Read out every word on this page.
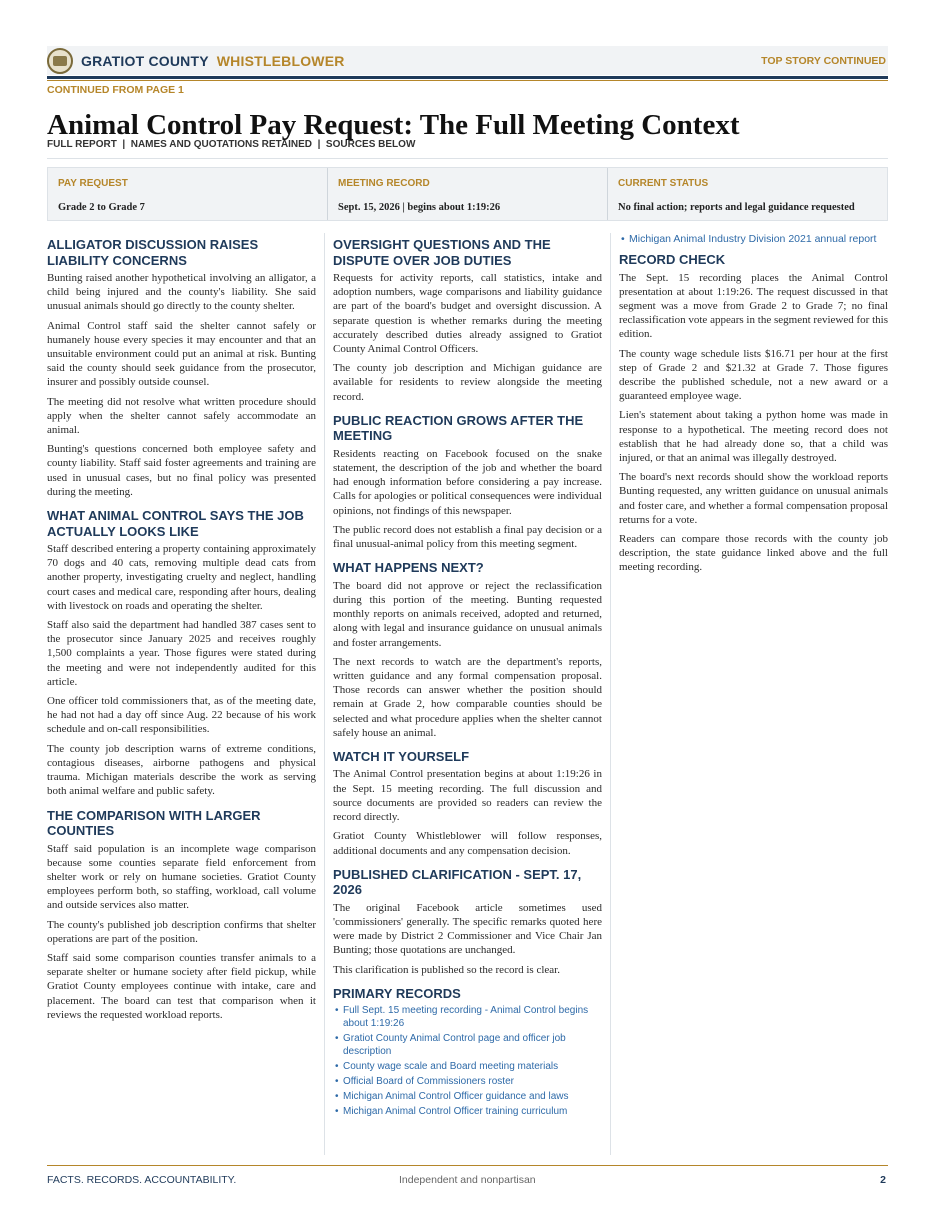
GRATIOT COUNTY WHISTLEBLOWER	TOP STORY CONTINUED
CONTINUED FROM PAGE 1
Animal Control Pay Request: The Full Meeting Context
FULL REPORT  |  NAMES AND QUOTATIONS RETAINED  |  SOURCES BELOW
PAY REQUEST
Grade 2 to Grade 7
MEETING RECORD
Sept. 15, 2026 | begins about 1:19:26
CURRENT STATUS
No final action; reports and legal guidance requested
ALLIGATOR DISCUSSION RAISES LIABILITY CONCERNS

Bunting raised another hypothetical involving an alligator, a child being injured and the county's liability. She said unusual animals should go directly to the county shelter.

Animal Control staff said the shelter cannot safely or humanely house every species it may encounter and that an unsuitable environment could put an animal at risk. Bunting said the county should seek guidance from the prosecutor, insurer and possibly outside counsel.

The meeting did not resolve what written procedure should apply when the shelter cannot safely accommodate an animal.

Bunting's questions concerned both employee safety and county liability. Staff said foster agreements and training are used in unusual cases, but no final policy was presented during the meeting.

WHAT ANIMAL CONTROL SAYS THE JOB ACTUALLY LOOKS LIKE

Staff described entering a property containing approximately 70 dogs and 40 cats, removing multiple dead cats from another property, investigating cruelty and neglect, handling court cases and medical care, responding after hours, dealing with livestock on roads and operating the shelter.

Staff also said the department had handled 387 cases sent to the prosecutor since January 2025 and receives roughly 1,500 complaints a year. Those figures were stated during the meeting and were not independently audited for this article.

One officer told commissioners that, as of the meeting date, he had not had a day off since Aug. 22 because of his work schedule and on-call responsibilities.

The county job description warns of extreme conditions, contagious diseases, airborne pathogens and physical trauma. Michigan materials describe the work as serving both animal welfare and public safety.

THE COMPARISON WITH LARGER COUNTIES

Staff said population is an incomplete wage comparison because some counties separate field enforcement from shelter work or rely on humane societies. Gratiot County employees perform both, so staffing, workload, call volume and outside services also matter.

The county's published job description confirms that shelter operations are part of the position.

Staff said some comparison counties transfer animals to a separate shelter or humane society after field pickup, while Gratiot County employees continue with intake, care and placement. The board can test that comparison when it reviews the requested workload reports.

OVERSIGHT QUESTIONS AND THE DISPUTE OVER JOB DUTIES

Requests for activity reports, call statistics, intake and adoption numbers, wage comparisons and liability guidance are part of the board's budget and oversight discussion. A separate question is whether remarks during the meeting accurately described duties already assigned to Gratiot County Animal Control Officers.

The county job description and Michigan guidance are available for residents to review alongside the meeting record.

PUBLIC REACTION GROWS AFTER THE MEETING

Residents reacting on Facebook focused on the snake statement, the description of the job and whether the board had enough information before considering a pay increase. Calls for apologies or political consequences were individual opinions, not findings of this newspaper.

The public record does not establish a final pay decision or a final unusual-animal policy from this meeting segment.

WHAT HAPPENS NEXT?

The board did not approve or reject the reclassification during this portion of the meeting. Bunting requested monthly reports on animals received, adopted and returned, along with legal and insurance guidance on unusual animals and foster arrangements.

The next records to watch are the department's reports, written guidance and any formal compensation proposal. Those records can answer whether the position should remain at Grade 2, how comparable counties should be selected and what procedure applies when the shelter cannot safely house an animal.

WATCH IT YOURSELF

The Animal Control presentation begins at about 1:19:26 in the Sept. 15 meeting recording. The full discussion and source documents are provided so readers can review the record directly.

Gratiot County Whistleblower will follow responses, additional documents and any compensation decision.

PUBLISHED CLARIFICATION - SEPT. 17, 2026

The original Facebook article sometimes used 'commissioners' generally. The specific remarks quoted here were made by District 2 Commissioner and Vice Chair Jan Bunting; those quotations are unchanged.

This clarification is published so the record is clear.

PRIMARY RECORDS
• Full Sept. 15 meeting recording - Animal Control begins about 1:19:26
• Gratiot County Animal Control page and officer job description
• County wage scale and Board meeting materials
• Official Board of Commissioners roster
• Michigan Animal Control Officer guidance and laws
• Michigan Animal Control Officer training curriculum
• Michigan Animal Industry Division 2021 annual report
RECORD CHECK

The Sept. 15 recording places the Animal Control presentation at about 1:19:26. The request discussed in that segment was a move from Grade 2 to Grade 7; no final reclassification vote appears in the segment reviewed for this edition.

The county wage schedule lists $16.71 per hour at the first step of Grade 2 and $21.32 at Grade 7. Those figures describe the published schedule, not a new award or a guaranteed employee wage.

Lien's statement about taking a python home was made in response to a hypothetical. The meeting record does not establish that he had already done so, that a child was injured, or that an animal was illegally destroyed.

The board's next records should show the workload reports Bunting requested, any written guidance on unusual animals and foster care, and whether a formal compensation proposal returns for a vote.

Readers can compare those records with the county job description, the state guidance linked above and the full meeting recording.

FACTS. RECORDS. ACCOUNTABILITY.	Independent and nonpartisan	2
